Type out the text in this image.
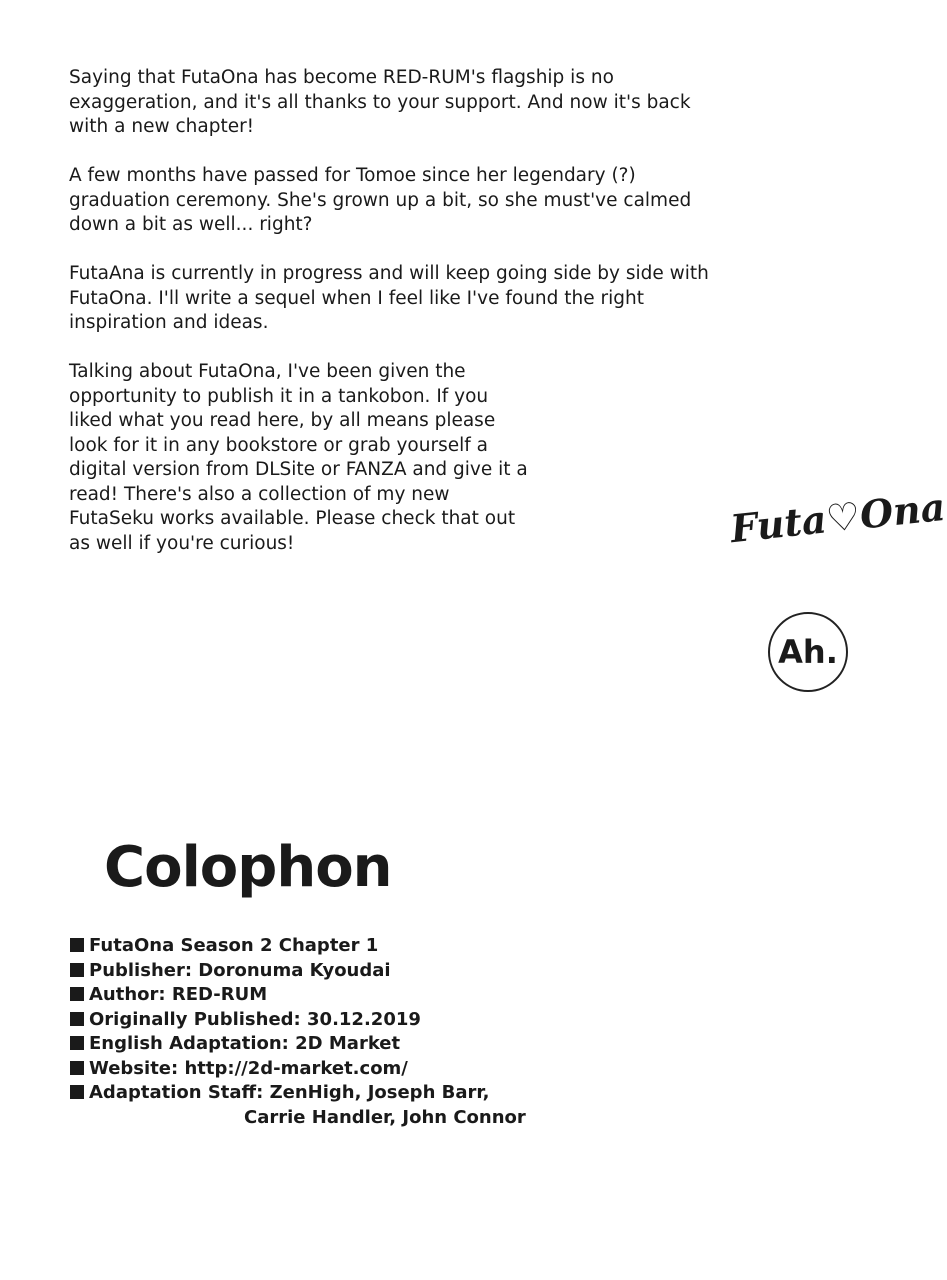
Saying that FutaOna has become RED-RUM's flagship is no exaggeration, and it's all thanks to your support. And now it's back with a new chapter!

A few months have passed for Tomoe since her legendary (?) graduation ceremony. She's grown up a bit, so she must've calmed down a bit as well... right?

FutaAna is currently in progress and will keep going side by side with FutaOna. I'll write a sequel when I feel like I've found the right inspiration and ideas.

Talking about FutaOna, I've been given the opportunity to publish it in a tankobon. If you liked what you read here, by all means please look for it in any bookstore or grab yourself a digital version from DLSite or FANZA and give it a read! There's also a collection of my new FutaSeku works available. Please check that out as well if you're curious!	Futa♡Ona
Ah.
Colophon
FutaOna Season 2 Chapter 1
Publisher: Doronuma Kyoudai
Author: RED-RUM
Originally Published: 30.12.2019
English Adaptation: 2D Market
Website: http://2d-market.com/
Adaptation Staff: ZenHigh, Joseph Barr,
Carrie Handler, John Connor
